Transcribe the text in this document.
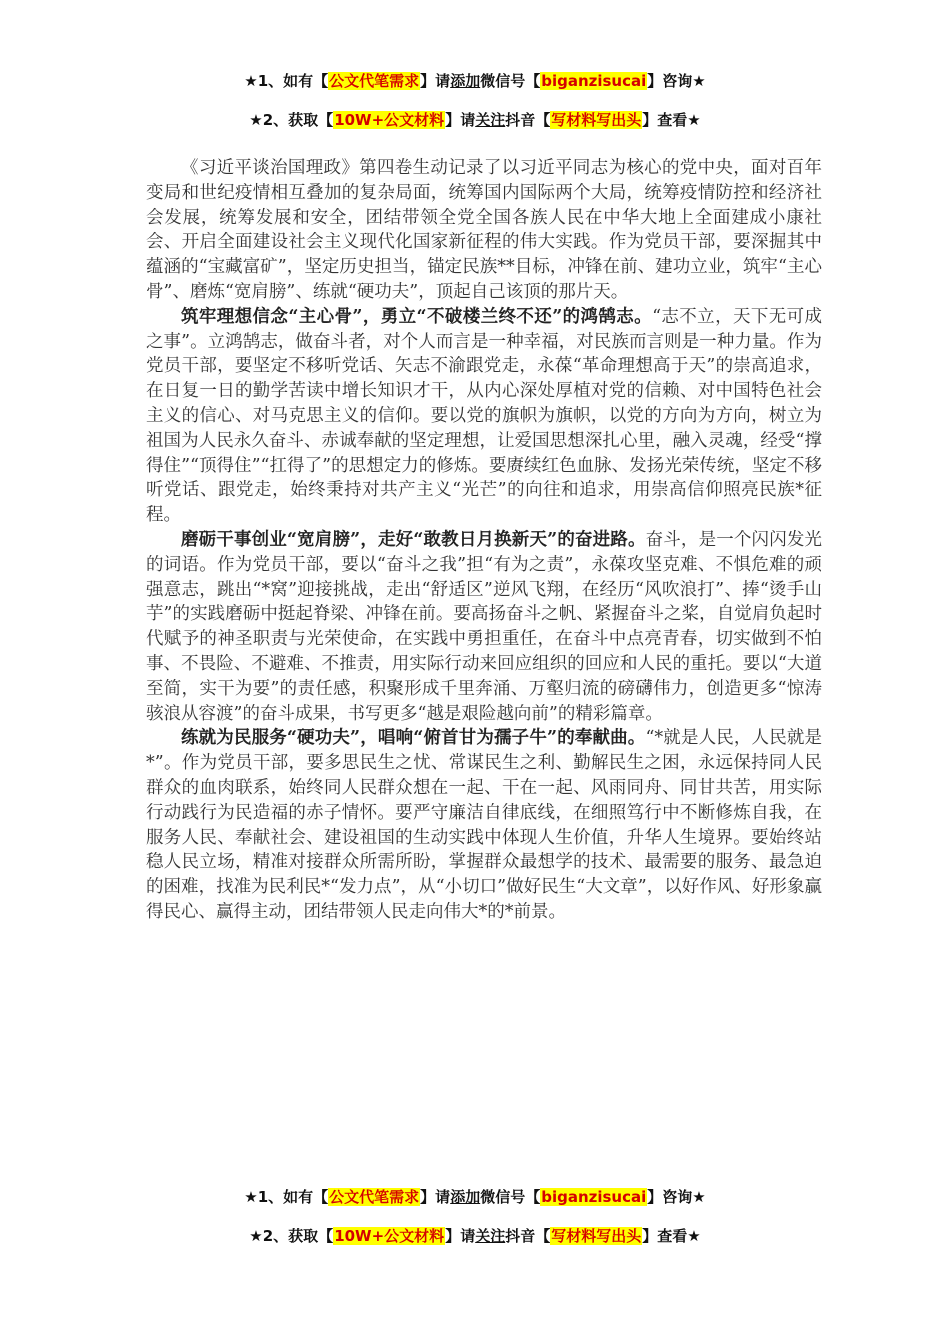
★1、如有【公文代笔需求】请添加微信号【biganzisucai】咨询★
★2、获取【10W+公文材料】请关注抖音【写材料写出头】查看★

《习近平谈治国理政》第四卷生动记录了以习近平同志为核心的党中央，面对百年变局和世纪疫情相互叠加的复杂局面，统筹国内国际两个大局，统筹疫情防控和经济社会发展，统筹发展和安全，团结带领全党全国各族人民在中华大地上全面建成小康社会、开启全面建设社会主义现代化国家新征程的伟大实践。作为党员干部，要深掘其中蕴涵的“宝藏富矿”，坚定历史担当，锚定民族**目标，冲锋在前、建功立业，筑牢“主心骨”、磨炼“宽肩膀”、练就“硬功夫”，顶起自己该顶的那片天。

筑牢理想信念“主心骨”，勇立“不破楼兰终不还”的鸿鹄志。“志不立，天下无可成之事”。立鸿鹄志，做奋斗者，对个人而言是一种幸福，对民族而言则是一种力量。作为党员干部，要坚定不移听党话、矢志不渝跟党走，永葆“革命理想高于天”的崇高追求，在日复一日的勤学苦读中增长知识才干，从内心深处厚植对党的信赖、对中国特色社会主义的信心、对马克思主义的信仰。要以党的旗帜为旗帜，以党的方向为方向，树立为祖国为人民永久奋斗、赤诚奉献的坚定理想，让爱国思想深扎心里，融入灵魂，经受“撑得住”“顶得住”“扛得了”的思想定力的修炼。要赓续红色血脉、发扬光荣传统，坚定不移听党话、跟党走，始终秉持对共产主义“光芒”的向往和追求，用崇高信仰照亮民族*征程。

磨砺干事创业“宽肩膀”，走好“敢教日月换新天”的奋进路。奋斗，是一个闪闪发光的词语。作为党员干部，要以“奋斗之我”担“有为之责”，永葆攻坚克难、不惧危难的顽强意志，跳出“*窝”迎接挑战，走出“舒适区”逆风飞翔，在经历“风吹浪打”、捧“烫手山芋”的实践磨砺中挺起脊梁、冲锋在前。要高扬奋斗之帆、紧握奋斗之桨，自觉肩负起时代赋予的神圣职责与光荣使命，在实践中勇担重任，在奋斗中点亮青春，切实做到不怕事、不畏险、不避难、不推责，用实际行动来回应组织的回应和人民的重托。要以“大道至简，实干为要”的责任感，积聚形成千里奔涌、万壑归流的磅礴伟力，创造更多“惊涛骇浪从容渡”的奋斗成果，书写更多“越是艰险越向前”的精彩篇章。

练就为民服务“硬功夫”，唱响“俯首甘为孺子牛”的奉献曲。“*就是人民，人民就是*”。作为党员干部，要多思民生之忧、常谋民生之利、勤解民生之困，永远保持同人民群众的血肉联系，始终同人民群众想在一起、干在一起、风雨同舟、同甘共苦，用实际行动践行为民造福的赤子情怀。要严守廉洁自律底线，在细照笃行中不断修炼自我，在服务人民、奉献社会、建设祖国的生动实践中体现人生价值，升华人生境界。要始终站稳人民立场，精准对接群众所需所盼，掌握群众最想学的技术、最需要的服务、最急迫的困难，找准为民利民*“发力点”，从“小切口”做好民生“大文章”，以好作风、好形象赢得民心、赢得主动，团结带领人民走向伟大*的*前景。

★1、如有【公文代笔需求】请添加微信号【biganzisucai】咨询★
★2、获取【10W+公文材料】请关注抖音【写材料写出头】查看★
